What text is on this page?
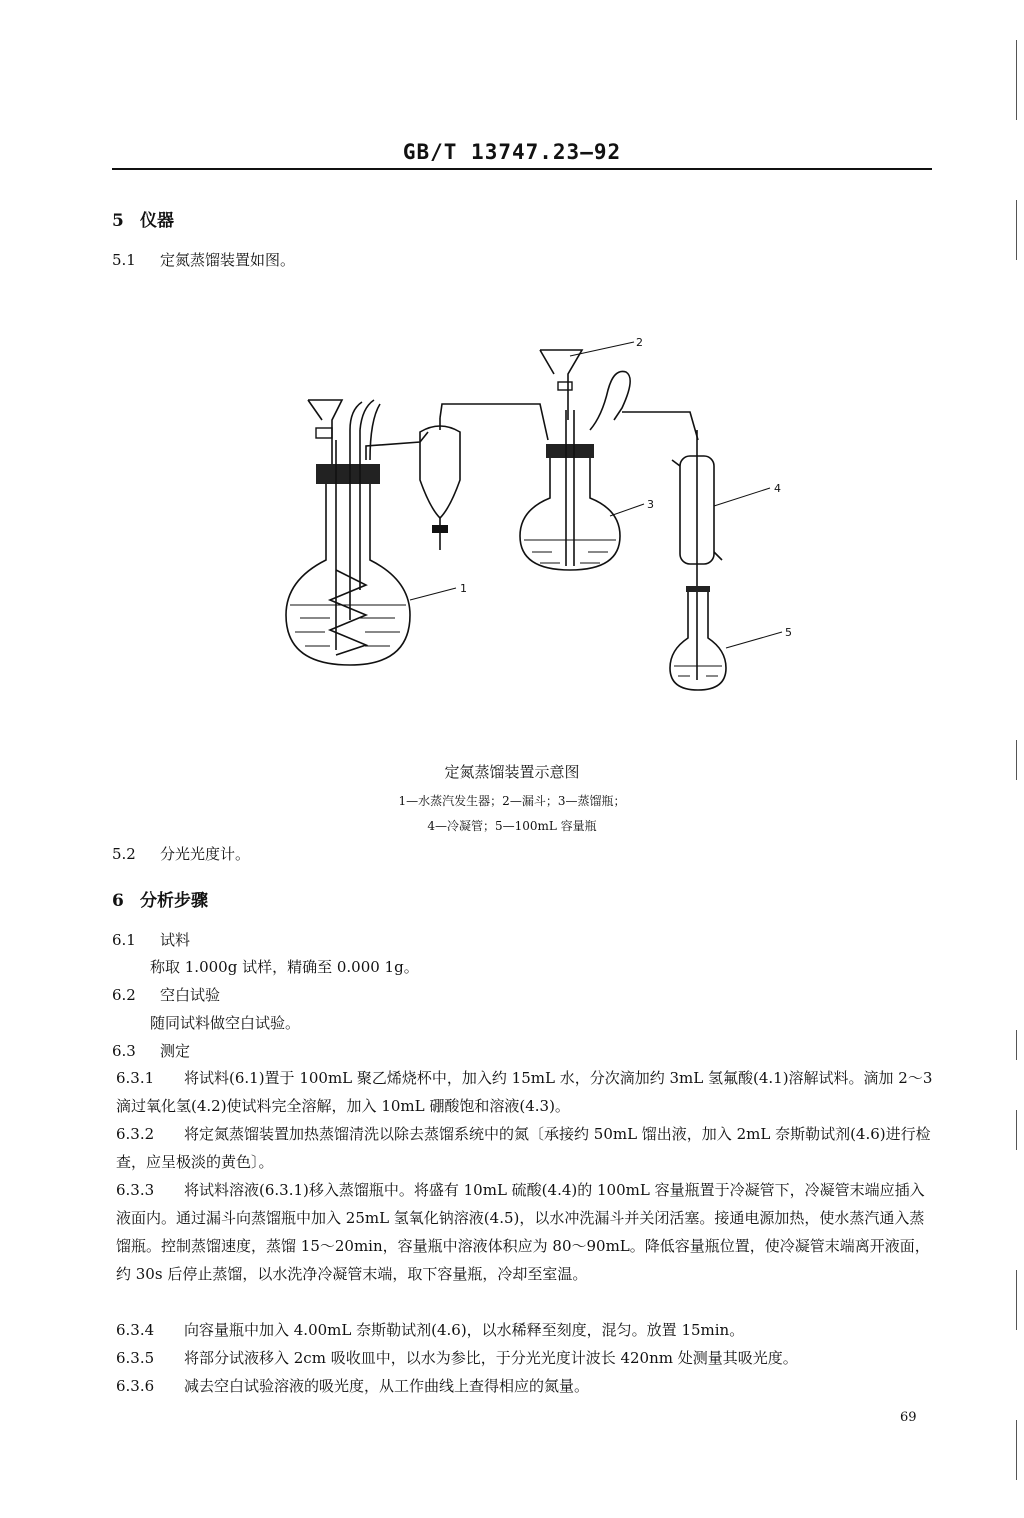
GB/T 13747.23—92
5 仪器
5.1 定氮蒸馏装置如图。
1
2
3
4
5
定氮蒸馏装置示意图
1—水蒸汽发生器；2—漏斗；3—蒸馏瓶；
4—冷凝管；5—100mL 容量瓶
5.2 分光光度计。
6 分析步骤
6.1 试料
称取 1.000g 试样，精确至 0.000 1g。
6.2 空白试验
随同试料做空白试验。
6.3 测定
6.3.1 将试料(6.1)置于 100mL 聚乙烯烧杯中，加入约 15mL 水，分次滴加约 3mL 氢氟酸(4.1)溶解试料。滴加 2～3 滴过氧化氢(4.2)使试料完全溶解，加入 10mL 硼酸饱和溶液(4.3)。
6.3.2 将定氮蒸馏装置加热蒸馏清洗以除去蒸馏系统中的氮〔承接约 50mL 馏出液，加入 2mL 奈斯勒试剂(4.6)进行检查，应呈极淡的黄色〕。
6.3.3 将试料溶液(6.3.1)移入蒸馏瓶中。将盛有 10mL 硫酸(4.4)的 100mL 容量瓶置于冷凝管下，冷凝管末端应插入液面内。通过漏斗向蒸馏瓶中加入 25mL 氢氧化钠溶液(4.5)，以水冲洗漏斗并关闭活塞。接通电源加热，使水蒸汽通入蒸馏瓶。控制蒸馏速度，蒸馏 15～20min，容量瓶中溶液体积应为 80～90mL。降低容量瓶位置，使冷凝管末端离开液面，约 30s 后停止蒸馏，以水洗净冷凝管末端，取下容量瓶，冷却至室温。
6.3.4 向容量瓶中加入 4.00mL 奈斯勒试剂(4.6)，以水稀释至刻度，混匀。放置 15min。
6.3.5 将部分试液移入 2cm 吸收皿中，以水为参比，于分光光度计波长 420nm 处测量其吸光度。
6.3.6 减去空白试验溶液的吸光度，从工作曲线上查得相应的氮量。
69
